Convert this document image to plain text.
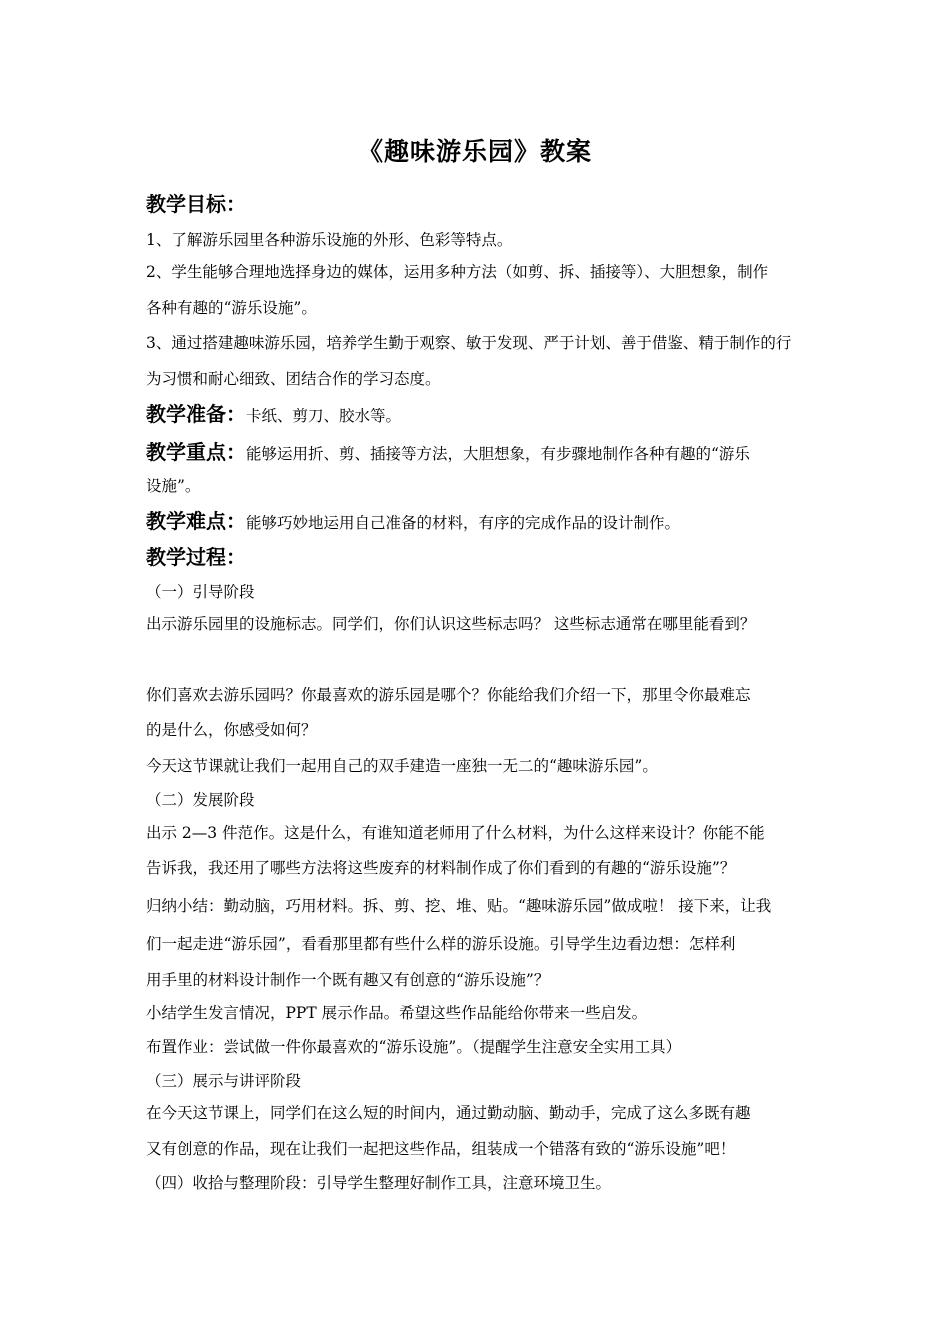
《趣味游乐园》教案
教学目标：
1、了解游乐园里各种游乐设施的外形、色彩等特点。
2、学生能够合理地选择身边的媒体，运用多种方法（如剪、拆、插接等）、大胆想象，制作
各种有趣的“游乐设施”。
3、通过搭建趣味游乐园，培养学生勤于观察、敏于发现、严于计划、善于借鉴、精于制作的行
为习惯和耐心细致、团结合作的学习态度。
教学准备：卡纸、剪刀、胶水等。
教学重点：能够运用折、剪、插接等方法，大胆想象，有步骤地制作各种有趣的“游乐
设施”。
教学难点：能够巧妙地运用自己准备的材料，有序的完成作品的设计制作。
教学过程：
（一）引导阶段
出示游乐园里的设施标志。同学们，你们认识这些标志吗？ 这些标志通常在哪里能看到？
你们喜欢去游乐园吗？你最喜欢的游乐园是哪个？你能给我们介绍一下，那里令你最难忘
的是什么，你感受如何？
今天这节课就让我们一起用自己的双手建造一座独一无二的“趣味游乐园”。
（二）发展阶段
出示 2—3 件范作。这是什么，有谁知道老师用了什么材料，为什么这样来设计？你能不能
告诉我，我还用了哪些方法将这些废弃的材料制作成了你们看到的有趣的“游乐设施”？
归纳小结：勤动脑，巧用材料。拆、剪、挖、堆、贴。“趣味游乐园”做成啦！ 接下来，让我
们一起走进“游乐园”，看看那里都有些什么样的游乐设施。引导学生边看边想：怎样利
用手里的材料设计制作一个既有趣又有创意的“游乐设施”？
小结学生发言情况，PPT 展示作品。希望这些作品能给你带来一些启发。
布置作业：尝试做一件你最喜欢的“游乐设施”。（提醒学生注意安全实用工具）
（三）展示与讲评阶段
在今天这节课上，同学们在这么短的时间内，通过勤动脑、勤动手，完成了这么多既有趣
又有创意的作品，现在让我们一起把这些作品，组装成一个错落有致的“游乐设施”吧！
（四）收拾与整理阶段：引导学生整理好制作工具，注意环境卫生。
